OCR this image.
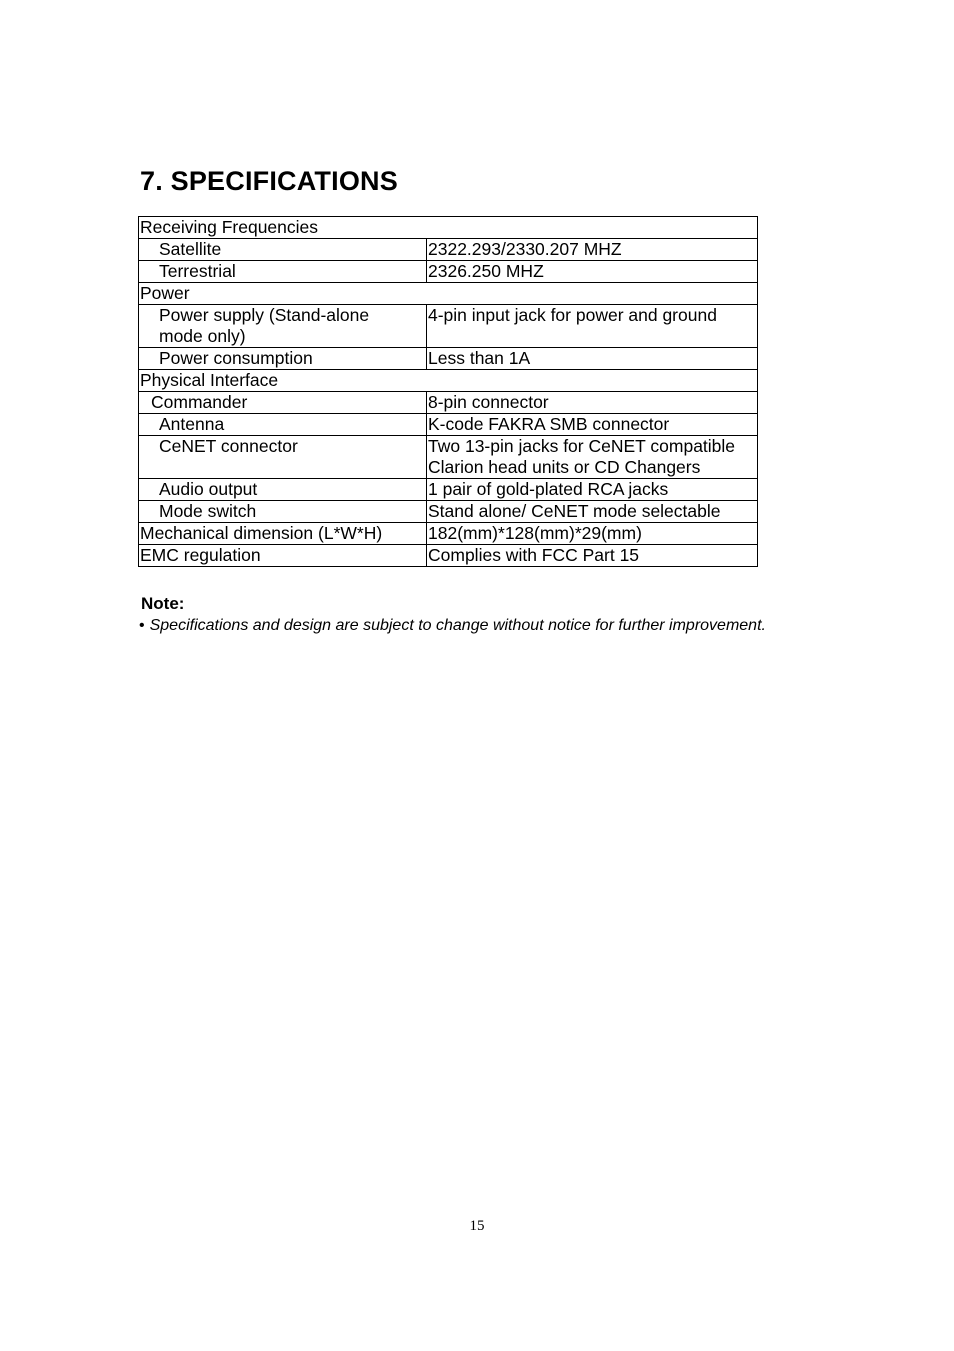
7. SPECIFICATIONS
Receiving Frequencies	
Satellite	2322.293/2330.207 MHZ
Terrestrial	2326.250 MHZ
Power	

Power supply (Stand-alone
mode only)	4-pin input jack for power and ground
Power consumption	Less than 1A
Physical Interface	
Commander	8-pin connector
Antenna	K-code FAKRA SMB connector
CeNET connector	Two 13-pin jacks for CeNET compatible
Clarion head units or CD Changers

Audio output	1 pair of gold-plated RCA jacks
Mode switch	Stand alone/ CeNET mode selectable
Mechanical dimension (L*W*H)	182(mm)*128(mm)*29(mm)
EMC regulation	Complies with FCC Part 15
Note:
• Specifications and design are subject to change without notice for further improvement.
15
